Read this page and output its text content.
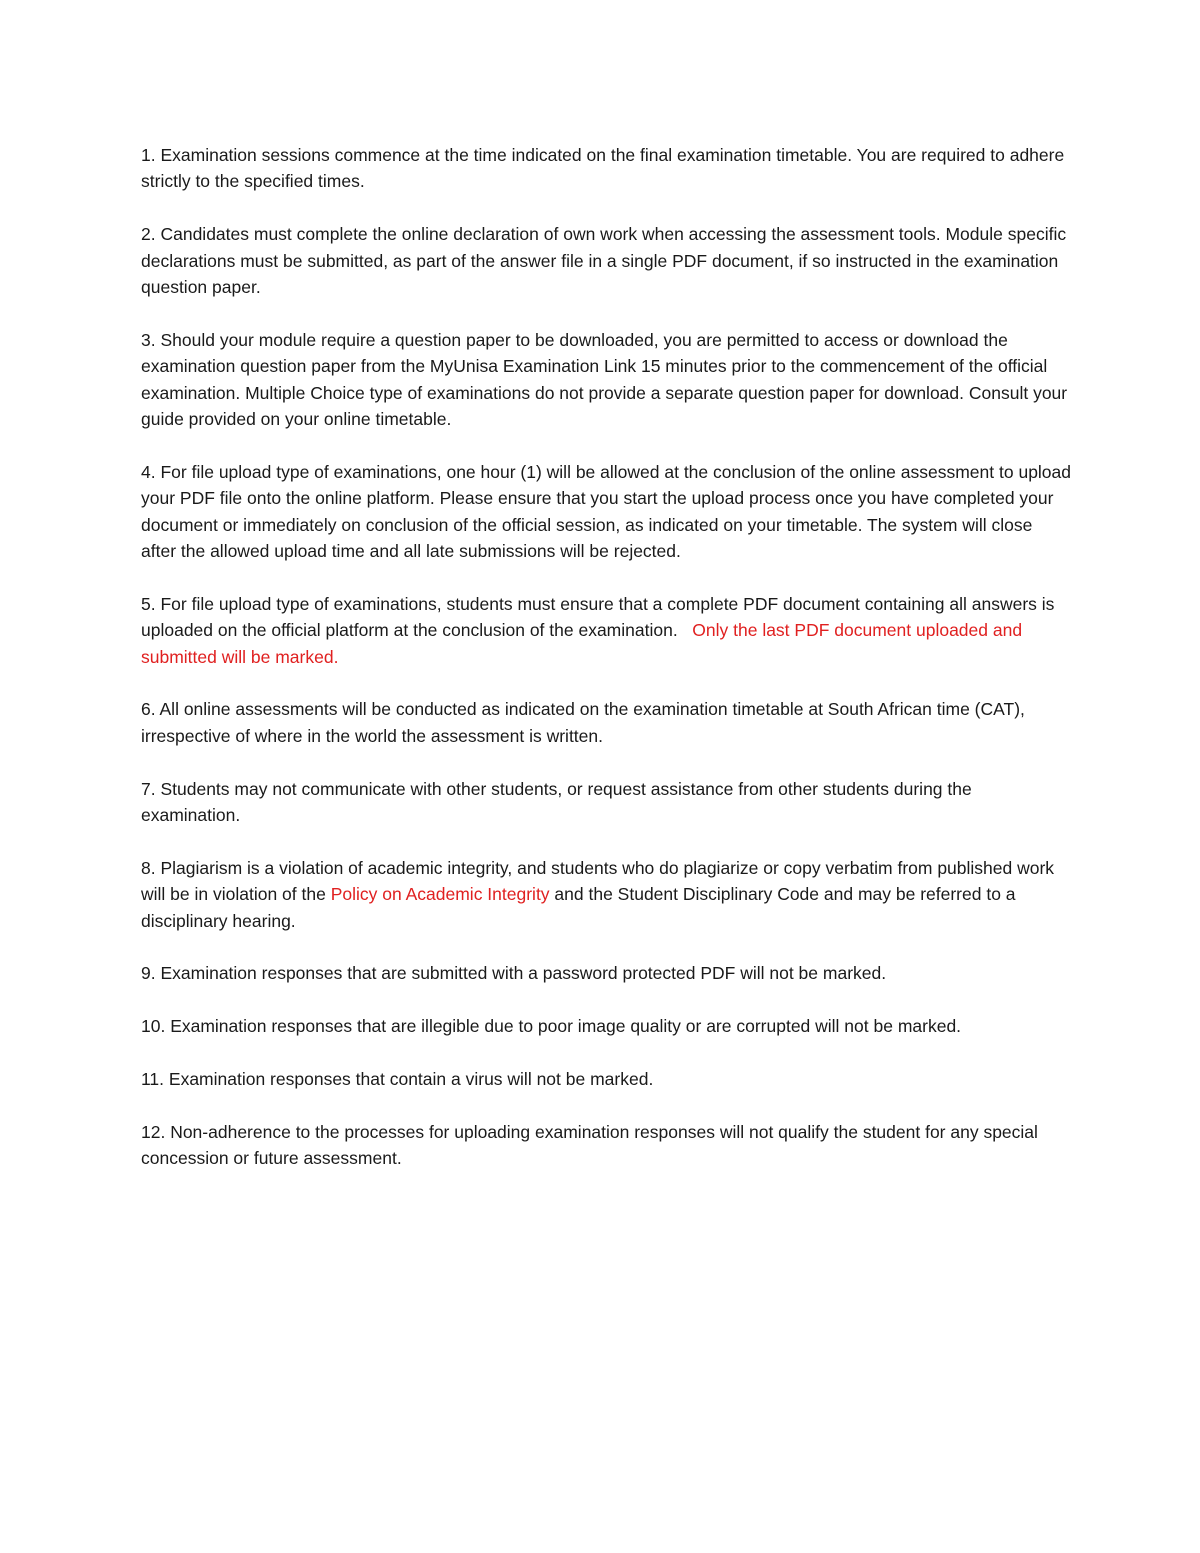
1. Examination sessions commence at the time indicated on the final examination timetable. You are required to adhere strictly to the specified times.

2. Candidates must complete the online declaration of own work when accessing the assessment tools. Module specific declarations must be submitted, as part of the answer file in a single PDF document, if so instructed in the examination question paper.

3. Should your module require a question paper to be downloaded, you are permitted to access or download the examination question paper from the MyUnisa Examination Link 15 minutes prior to the commencement of the official examination. Multiple Choice type of examinations do not provide a separate question paper for download. Consult your guide provided on your online timetable.

4. For file upload type of examinations, one hour (1) will be allowed at the conclusion of the online assessment to upload your PDF file onto the online platform. Please ensure that you start the upload process once you have completed your document or immediately on conclusion of the official session, as indicated on your timetable. The system will close after the allowed upload time and all late submissions will be rejected.

5. For file upload type of examinations, students must ensure that a complete PDF document containing all answers is uploaded on the official platform at the conclusion of the examination.   Only the last PDF document uploaded and submitted will be marked.

6. All online assessments will be conducted as indicated on the examination timetable at South African time (CAT), irrespective of where in the world the assessment is written.

7. Students may not communicate with other students, or request assistance from other students during the examination.

8. Plagiarism is a violation of academic integrity, and students who do plagiarize or copy verbatim from published work will be in violation of the Policy on Academic Integrity and the Student Disciplinary Code and may be referred to a disciplinary hearing.

9. Examination responses that are submitted with a password protected PDF will not be marked.

10. Examination responses that are illegible due to poor image quality or are corrupted will not be marked.

11. Examination responses that contain a virus will not be marked.

12. Non-adherence to the processes for uploading examination responses will not qualify the student for any special concession or future assessment.
